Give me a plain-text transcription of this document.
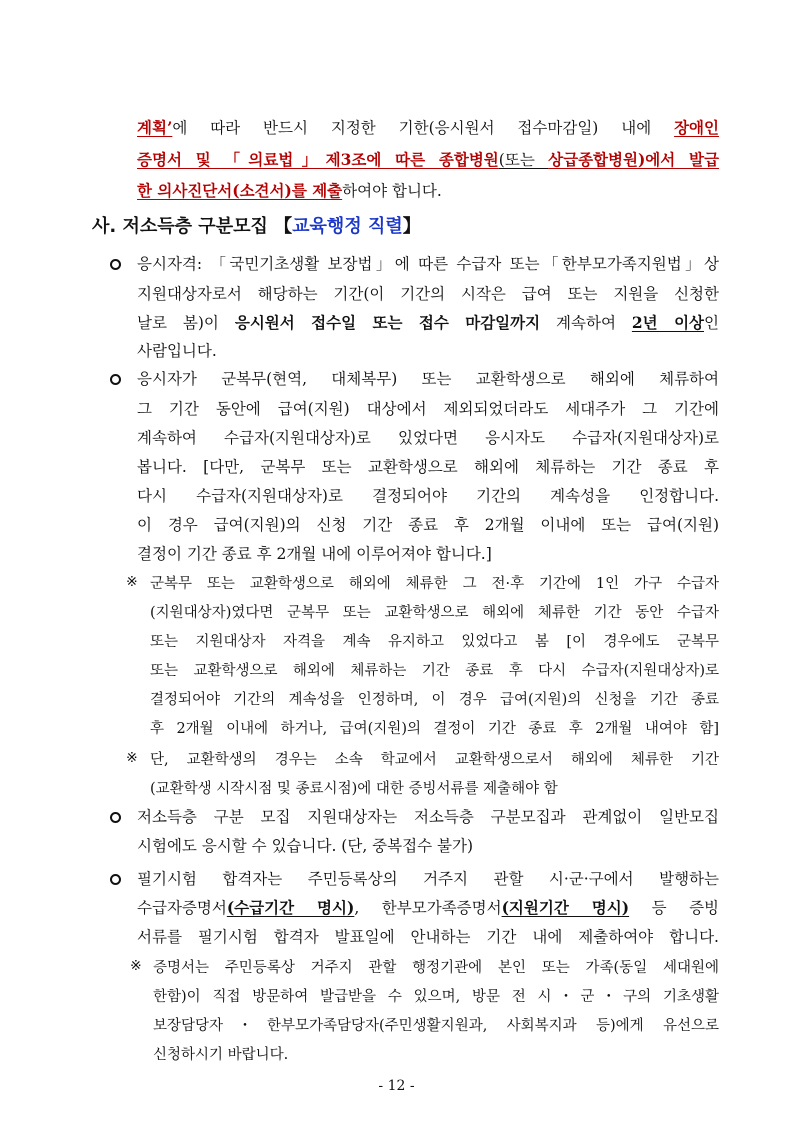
계획’에 따라 반드시 지정한 기한(응시원서 접수마감일) 내에 장애인
증명서 및 「의료법」제3조에 따른 종합병원(또는 상급종합병원)에서 발급
한 의사진단서(소견서)를 제출하여야 합니다.
사. 저소득층 구분모집 【교육행정 직렬】
응시자격: 「국민기초생활 보장법」에 따른 수급자 또는「한부모가족지원법」상
지원대상자로서 해당하는 기간(이 기간의 시작은 급여 또는 지원을 신청한
날로 봄)이 응시원서 접수일 또는 접수 마감일까지 계속하여 2년 이상인
사람입니다.
응시자가 군복무(현역, 대체복무) 또는 교환학생으로 해외에 체류하여
그 기간 동안에 급여(지원) 대상에서 제외되었더라도 세대주가 그 기간에
계속하여 수급자(지원대상자)로 있었다면 응시자도 수급자(지원대상자)로
봅니다. [다만, 군복무 또는 교환학생으로 해외에 체류하는 기간 종료 후
다시 수급자(지원대상자)로 결정되어야 기간의 계속성을 인정합니다.
이 경우 급여(지원)의 신청 기간 종료 후 2개월 이내에 또는 급여(지원)
결정이 기간 종료 후 2개월 내에 이루어져야 합니다.]
※ 군복무 또는 교환학생으로 해외에 체류한 그 전·후 기간에 1인 가구 수급자
(지원대상자)였다면 군복무 또는 교환학생으로 해외에 체류한 기간 동안 수급자
또는 지원대상자 자격을 계속 유지하고 있었다고 봄 [이 경우에도 군복무
또는 교환학생으로 해외에 체류하는 기간 종료 후 다시 수급자(지원대상자)로
결정되어야 기간의 계속성을 인정하며, 이 경우 급여(지원)의 신청을 기간 종료
후 2개월 이내에 하거나, 급여(지원)의 결정이 기간 종료 후 2개월 내여야 함]
※ 단, 교환학생의 경우는 소속 학교에서 교환학생으로서 해외에 체류한 기간
(교환학생 시작시점 및 종료시점)에 대한 증빙서류를 제출해야 함
저소득층 구분 모집 지원대상자는 저소득층 구분모집과 관계없이 일반모집
시험에도 응시할 수 있습니다. (단, 중복접수 불가)
필기시험 합격자는 주민등록상의 거주지 관할 시·군·구에서 발행하는
수급자증명서(수급기간 명시), 한부모가족증명서(지원기간 명시) 등 증빙
서류를 필기시험 합격자 발표일에 안내하는 기간 내에 제출하여야 합니다.
※ 증명서는 주민등록상 거주지 관할 행정기관에 본인 또는 가족(동일 세대원에
한함)이 직접 방문하여 발급받을 수 있으며, 방문 전 시・군・구의 기초생활
보장담당자・한부모가족담당자(주민생활지원과, 사회복지과 등)에게 유선으로
신청하시기 바랍니다.
- 12 -
